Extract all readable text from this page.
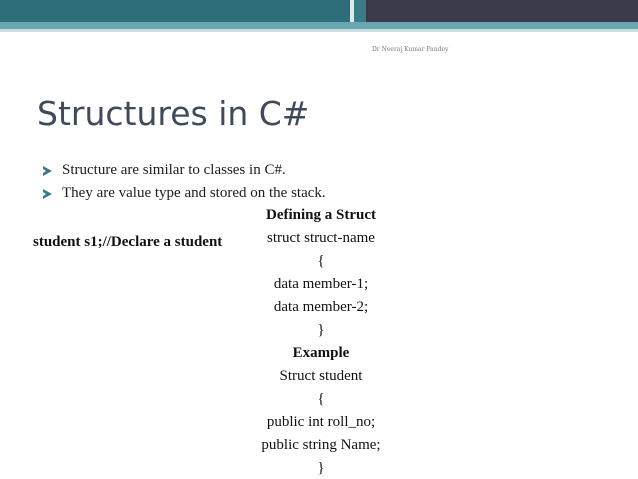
Dr Neeraj Kumar Pandey
Structures in C#
Structure are similar to classes in C#.
They are value type and stored on the stack.
student s1;//Declare a student
Defining a Struct
struct struct-name
{
data member-1;
data member-2;
}
Example
Struct student
{
public int roll_no;
public string Name;
}
